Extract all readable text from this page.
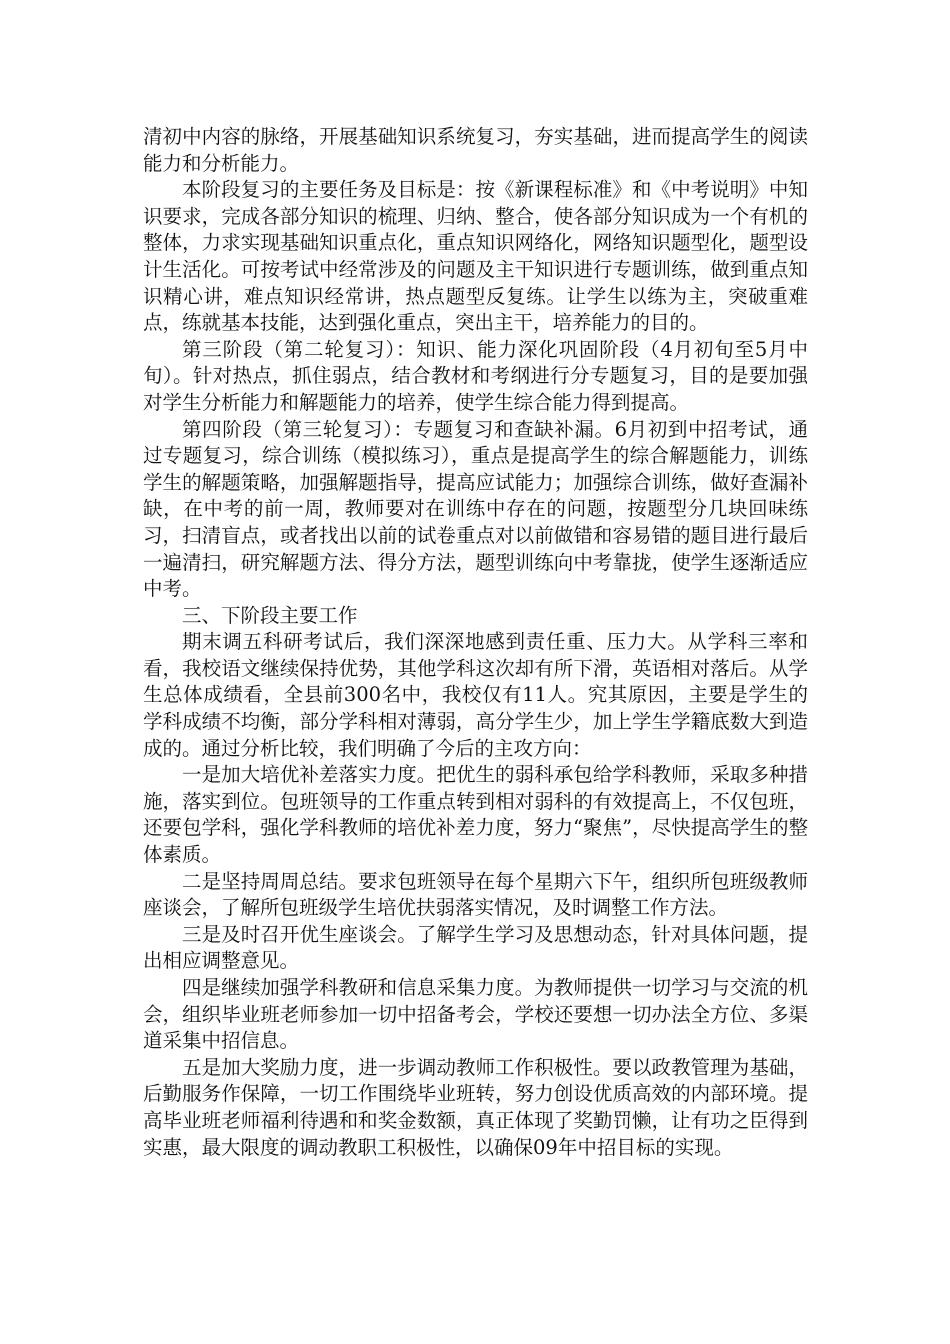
清初中内容的脉络，开展基础知识系统复习，夯实基础，进而提高学生的阅读能力和分析能力。

本阶段复习的主要任务及目标是：按《新课程标准》和《中考说明》中知识要求，完成各部分知识的梳理、归纳、整合，使各部分知识成为一个有机的整体，力求实现基础知识重点化，重点知识网络化，网络知识题型化，题型设计生活化。可按考试中经常涉及的问题及主干知识进行专题训练，做到重点知识精心讲，难点知识经常讲，热点题型反复练。让学生以练为主，突破重难点，练就基本技能，达到强化重点，突出主干，培养能力的目的。

第三阶段（第二轮复习）：知识、能力深化巩固阶段（4月初旬至5月中旬）。针对热点，抓住弱点，结合教材和考纲进行分专题复习，目的是要加强对学生分析能力和解题能力的培养，使学生综合能力得到提高。

第四阶段（第三轮复习）：专题复习和查缺补漏。6月初到中招考试，通过专题复习，综合训练（模拟练习），重点是提高学生的综合解题能力，训练学生的解题策略，加强解题指导，提高应试能力；加强综合训练，做好查漏补缺，在中考的前一周，教师要对在训练中存在的问题，按题型分几块回味练习，扫清盲点，或者找出以前的试卷重点对以前做错和容易错的题目进行最后一遍清扫，研究解题方法、得分方法，题型训练向中考靠拢，使学生逐渐适应中考。

三、下阶段主要工作

期末调五科研考试后，我们深深地感到责任重、压力大。从学科三率和看，我校语文继续保持优势，其他学科这次却有所下滑，英语相对落后。从学生总体成绩看，全县前300名中，我校仅有11人。究其原因，主要是学生的学科成绩不均衡，部分学科相对薄弱，高分学生少，加上学生学籍底数大到造成的。通过分析比较，我们明确了今后的主攻方向：

一是加大培优补差落实力度。把优生的弱科承包给学科教师，采取多种措施，落实到位。包班领导的工作重点转到相对弱科的有效提高上，不仅包班，还要包学科，强化学科教师的培优补差力度，努力“聚焦”，尽快提高学生的整体素质。

二是坚持周周总结。要求包班领导在每个星期六下午，组织所包班级教师座谈会，了解所包班级学生培优扶弱落实情况，及时调整工作方法。

三是及时召开优生座谈会。了解学生学习及思想动态，针对具体问题，提出相应调整意见。

四是继续加强学科教研和信息采集力度。为教师提供一切学习与交流的机会，组织毕业班老师参加一切中招备考会，学校还要想一切办法全方位、多渠道采集中招信息。

五是加大奖励力度，进一步调动教师工作积极性。要以政教管理为基础，后勤服务作保障，一切工作围绕毕业班转，努力创设优质高效的内部环境。提高毕业班老师福利待遇和和奖金数额，真正体现了奖勤罚懒，让有功之臣得到实惠，最大限度的调动教职工积极性，以确保09年中招目标的实现。
